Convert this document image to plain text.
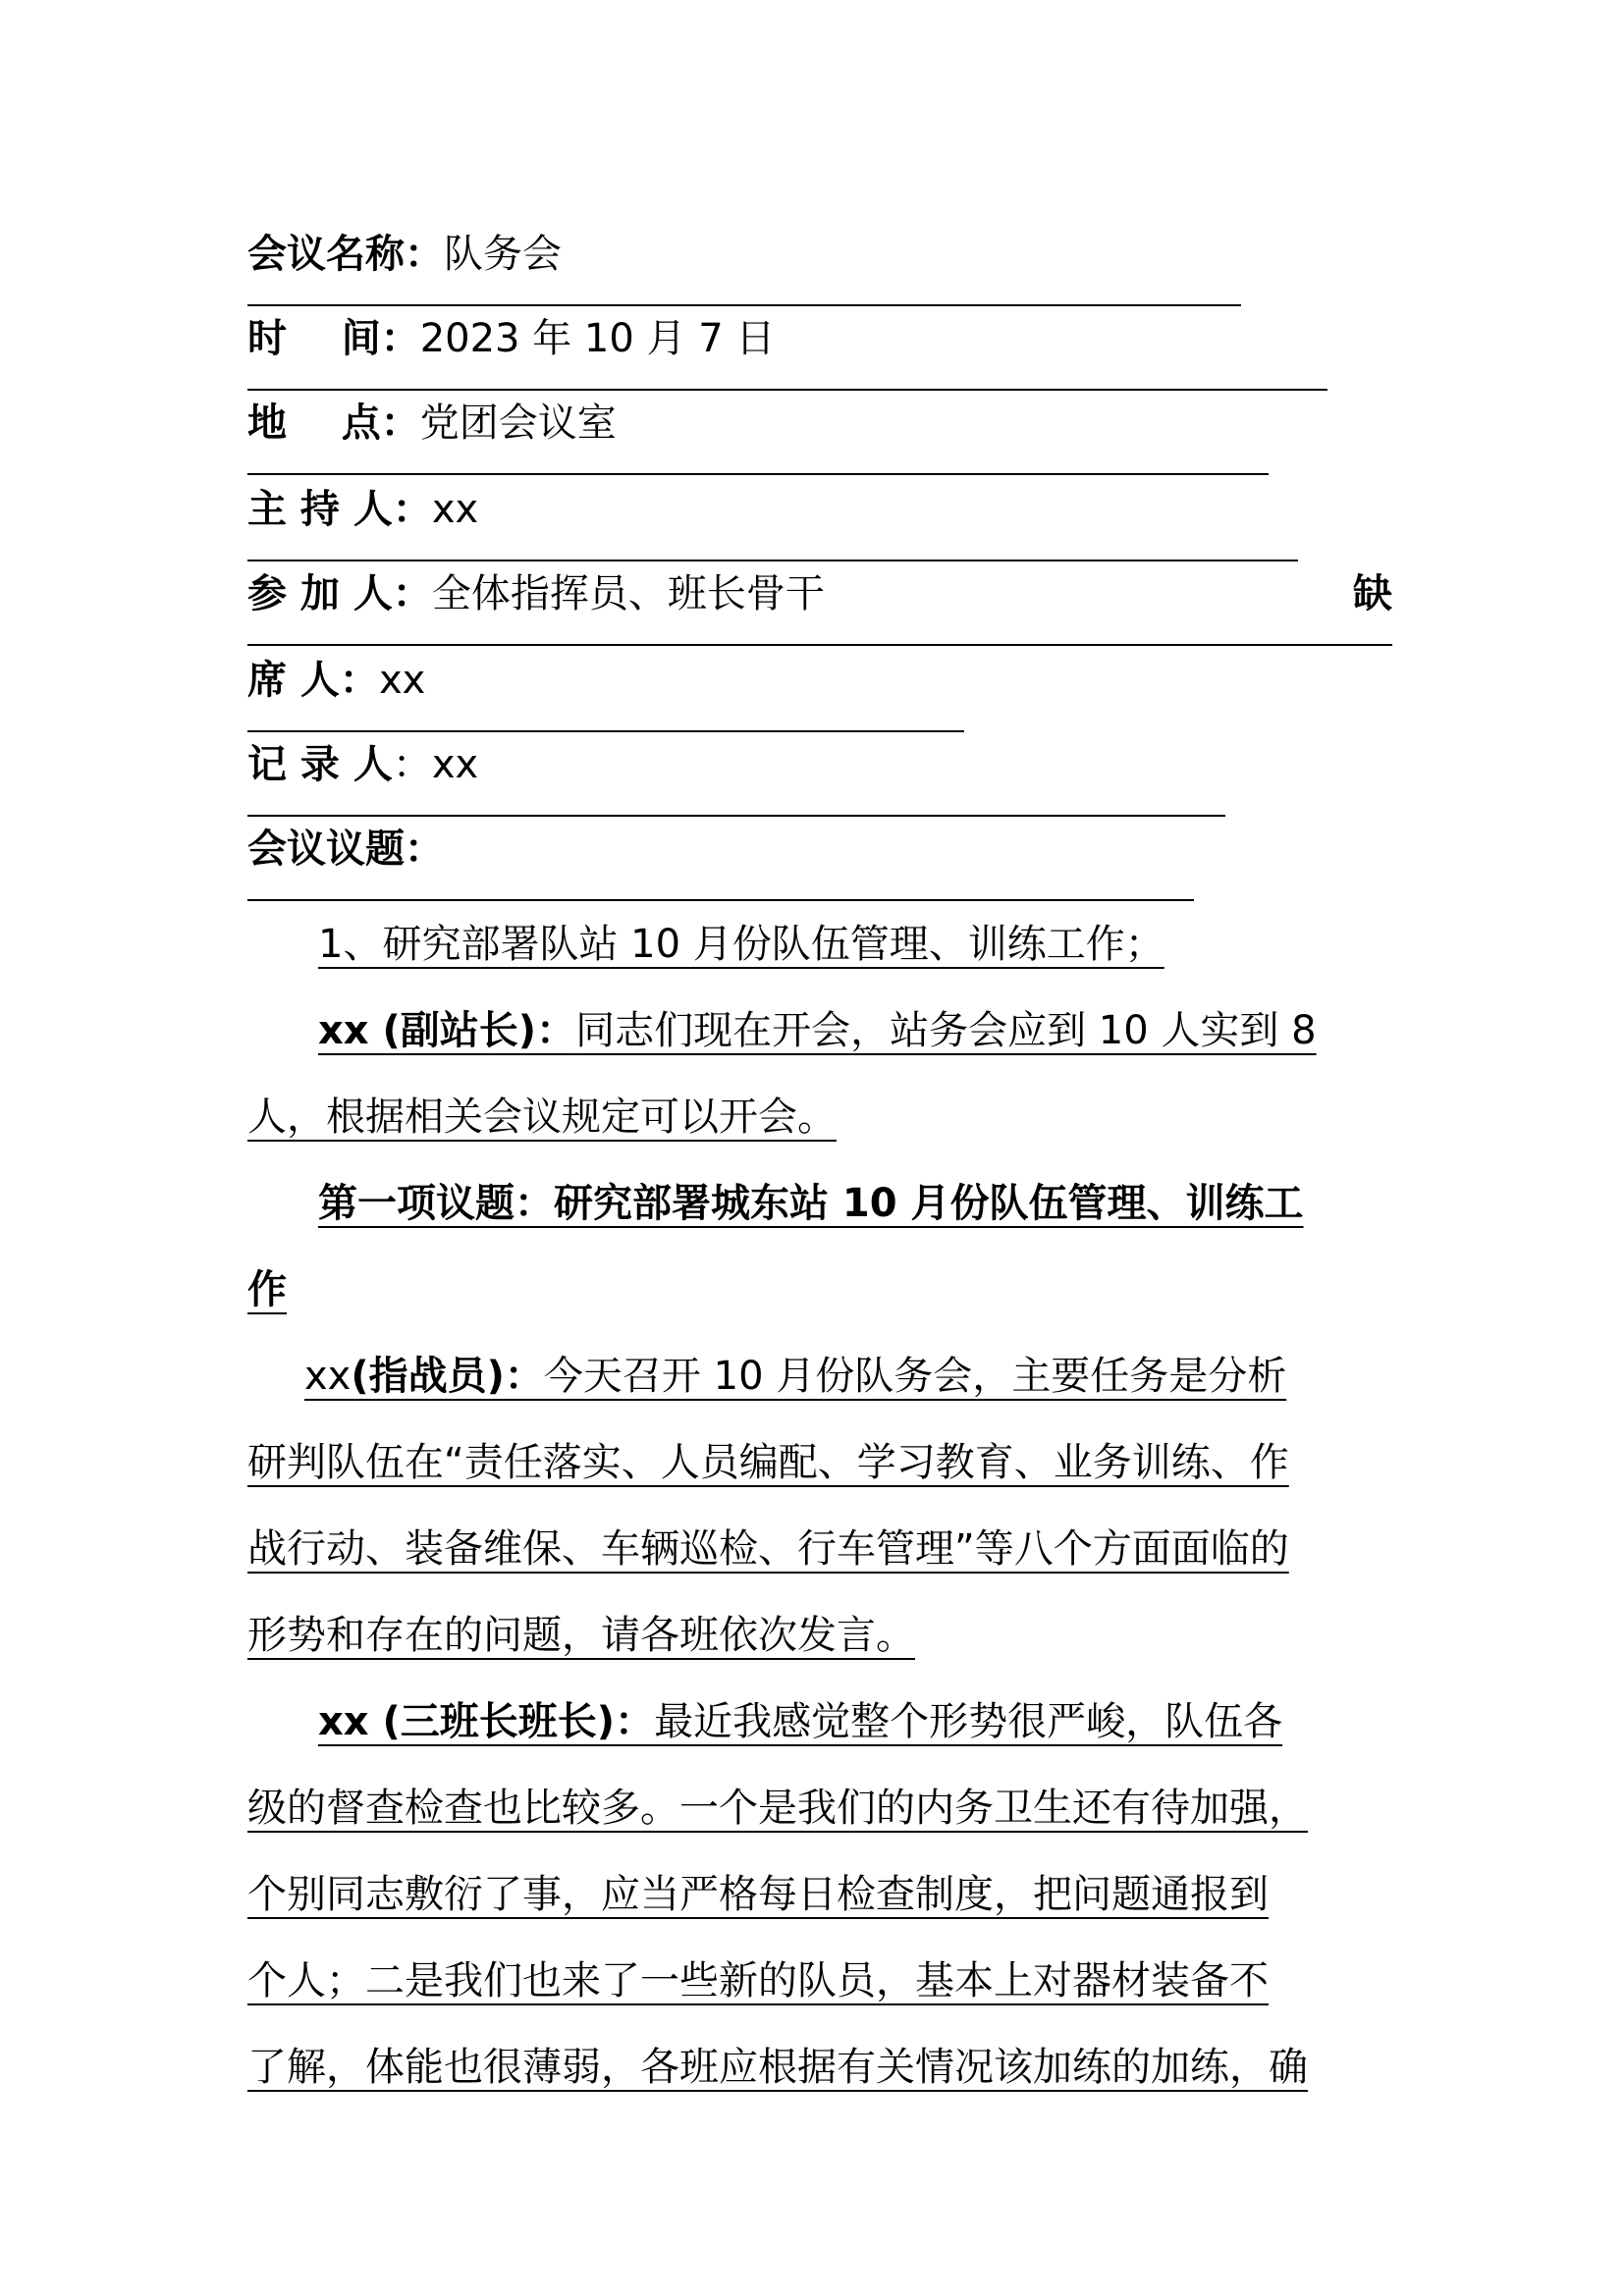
会议名称：队务会
时    间：2023 年 10 月 7 日
地    点：党团会议室
主 持 人：xx
参 加 人：全体指挥员、班长骨干	缺
席 人：xx
记 录 人：xx
会议议题：
1、研究部署队站 10 月份队伍管理、训练工作；
xx (副站长)：同志们现在开会，站务会应到 10 人实到 8
人，根据相关会议规定可以开会。
第一项议题：研究部署城东站 10 月份队伍管理、训练工
作
xx(指战员)：今天召开 10 月份队务会，主要任务是分析
研判队伍在“责任落实、人员编配、学习教育、业务训练、作
战行动、装备维保、车辆巡检、行车管理”等八个方面面临的
形势和存在的问题，请各班依次发言。
xx (三班长班长)：最近我感觉整个形势很严峻，队伍各
级的督查检查也比较多。一个是我们的内务卫生还有待加强，
个别同志敷衍了事，应当严格每日检查制度，把问题通报到
个人；二是我们也来了一些新的队员，基本上对器材装备不
了解，体能也很薄弱，各班应根据有关情况该加练的加练，确
